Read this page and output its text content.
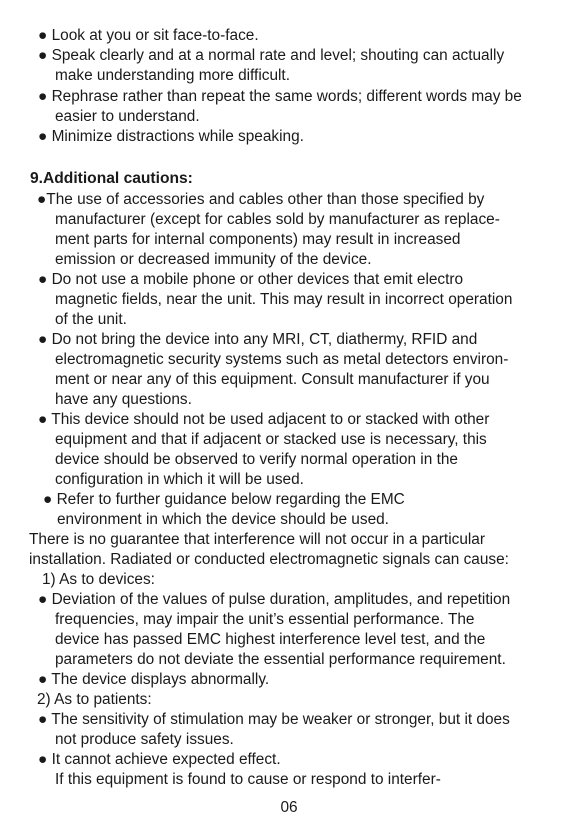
● Look at you or sit face-to-face.
● Speak clearly and at a normal rate and level; shouting can actually
make understanding more difficult.
● Rephrase rather than repeat the same words; different words may be
easier to understand.
● Minimize distractions while speaking.
9.Additional cautions:
●The use of accessories and cables other than those specified by
manufacturer (except for cables sold by manufacturer as replace-
ment parts for internal components) may result in increased
emission or decreased immunity of the device.
● Do not use a mobile phone or other devices that emit electro
magnetic fields, near the unit. This may result in incorrect operation
of the unit.
● Do not bring the device into any MRI, CT, diathermy, RFID and
electromagnetic security systems such as metal detectors environ-
ment or near any of this equipment. Consult manufacturer if you
have any questions.
● This device should not be used adjacent to or stacked with other
equipment and that if adjacent or stacked use is necessary, this
device should be observed to verify normal operation in the
configuration in which it will be used.
● Refer to further guidance below regarding the EMC
environment in which the device should be used.
There is no guarantee that interference will not occur in a particular
installation. Radiated or conducted electromagnetic signals can cause:
1) As to devices:
● Deviation of the values of pulse duration, amplitudes, and repetition
frequencies, may impair the unit’s essential performance. The
device has passed EMC highest interference level test, and the
parameters do not deviate the essential performance requirement.
● The device displays abnormally.
2) As to patients:
● The sensitivity of stimulation may be weaker or stronger, but it does
not produce safety issues.
● It cannot achieve expected effect.
If this equipment is found to cause or respond to interfer-
06
